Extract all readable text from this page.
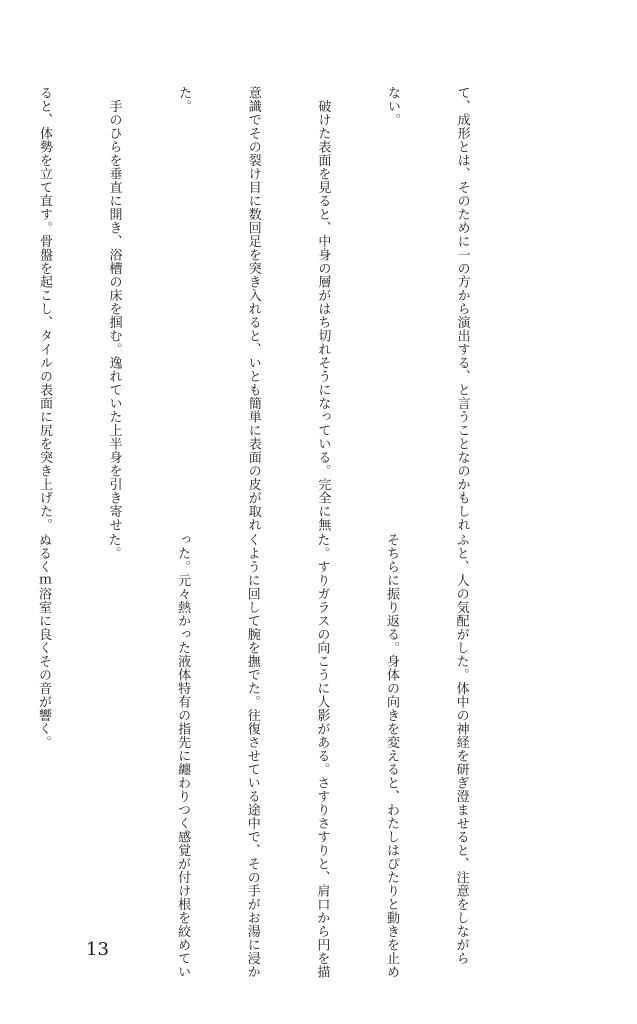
て、成形とは、そのために一の方から演出する、と言うことなのかもしれ

ない。

　破けた表面を見ると、中身の層がはち切れそうになっている。完全に無

意識でその裂け目に数回足を突き入れると、いとも簡単に表面の皮が取れ

た。

　手のひらを垂直に開き、浴槽の床を掴む。逸れていた上半身を引き寄せ

ると、体勢を立て直す。骨盤を起こし、タイルの表面に尻を突き上げた。

ふと、人の気配がした。体中の神経を研ぎ澄ませると、注意をしながら

そちらに振り返る。身体の向きを変えると、わたしはぴたりと動きを止め

た。すりガラスの向こうに人影がある。さすりさすりと、肩口から円を描

くように回して腕を撫でた。往復させている途中で、その手がお湯に浸か

った。元々熱かった液体特有の指先に纏わりつく感覚が付け根を絞めてい

た。

ぬるくｍ浴室に良くその音が響く。

13
